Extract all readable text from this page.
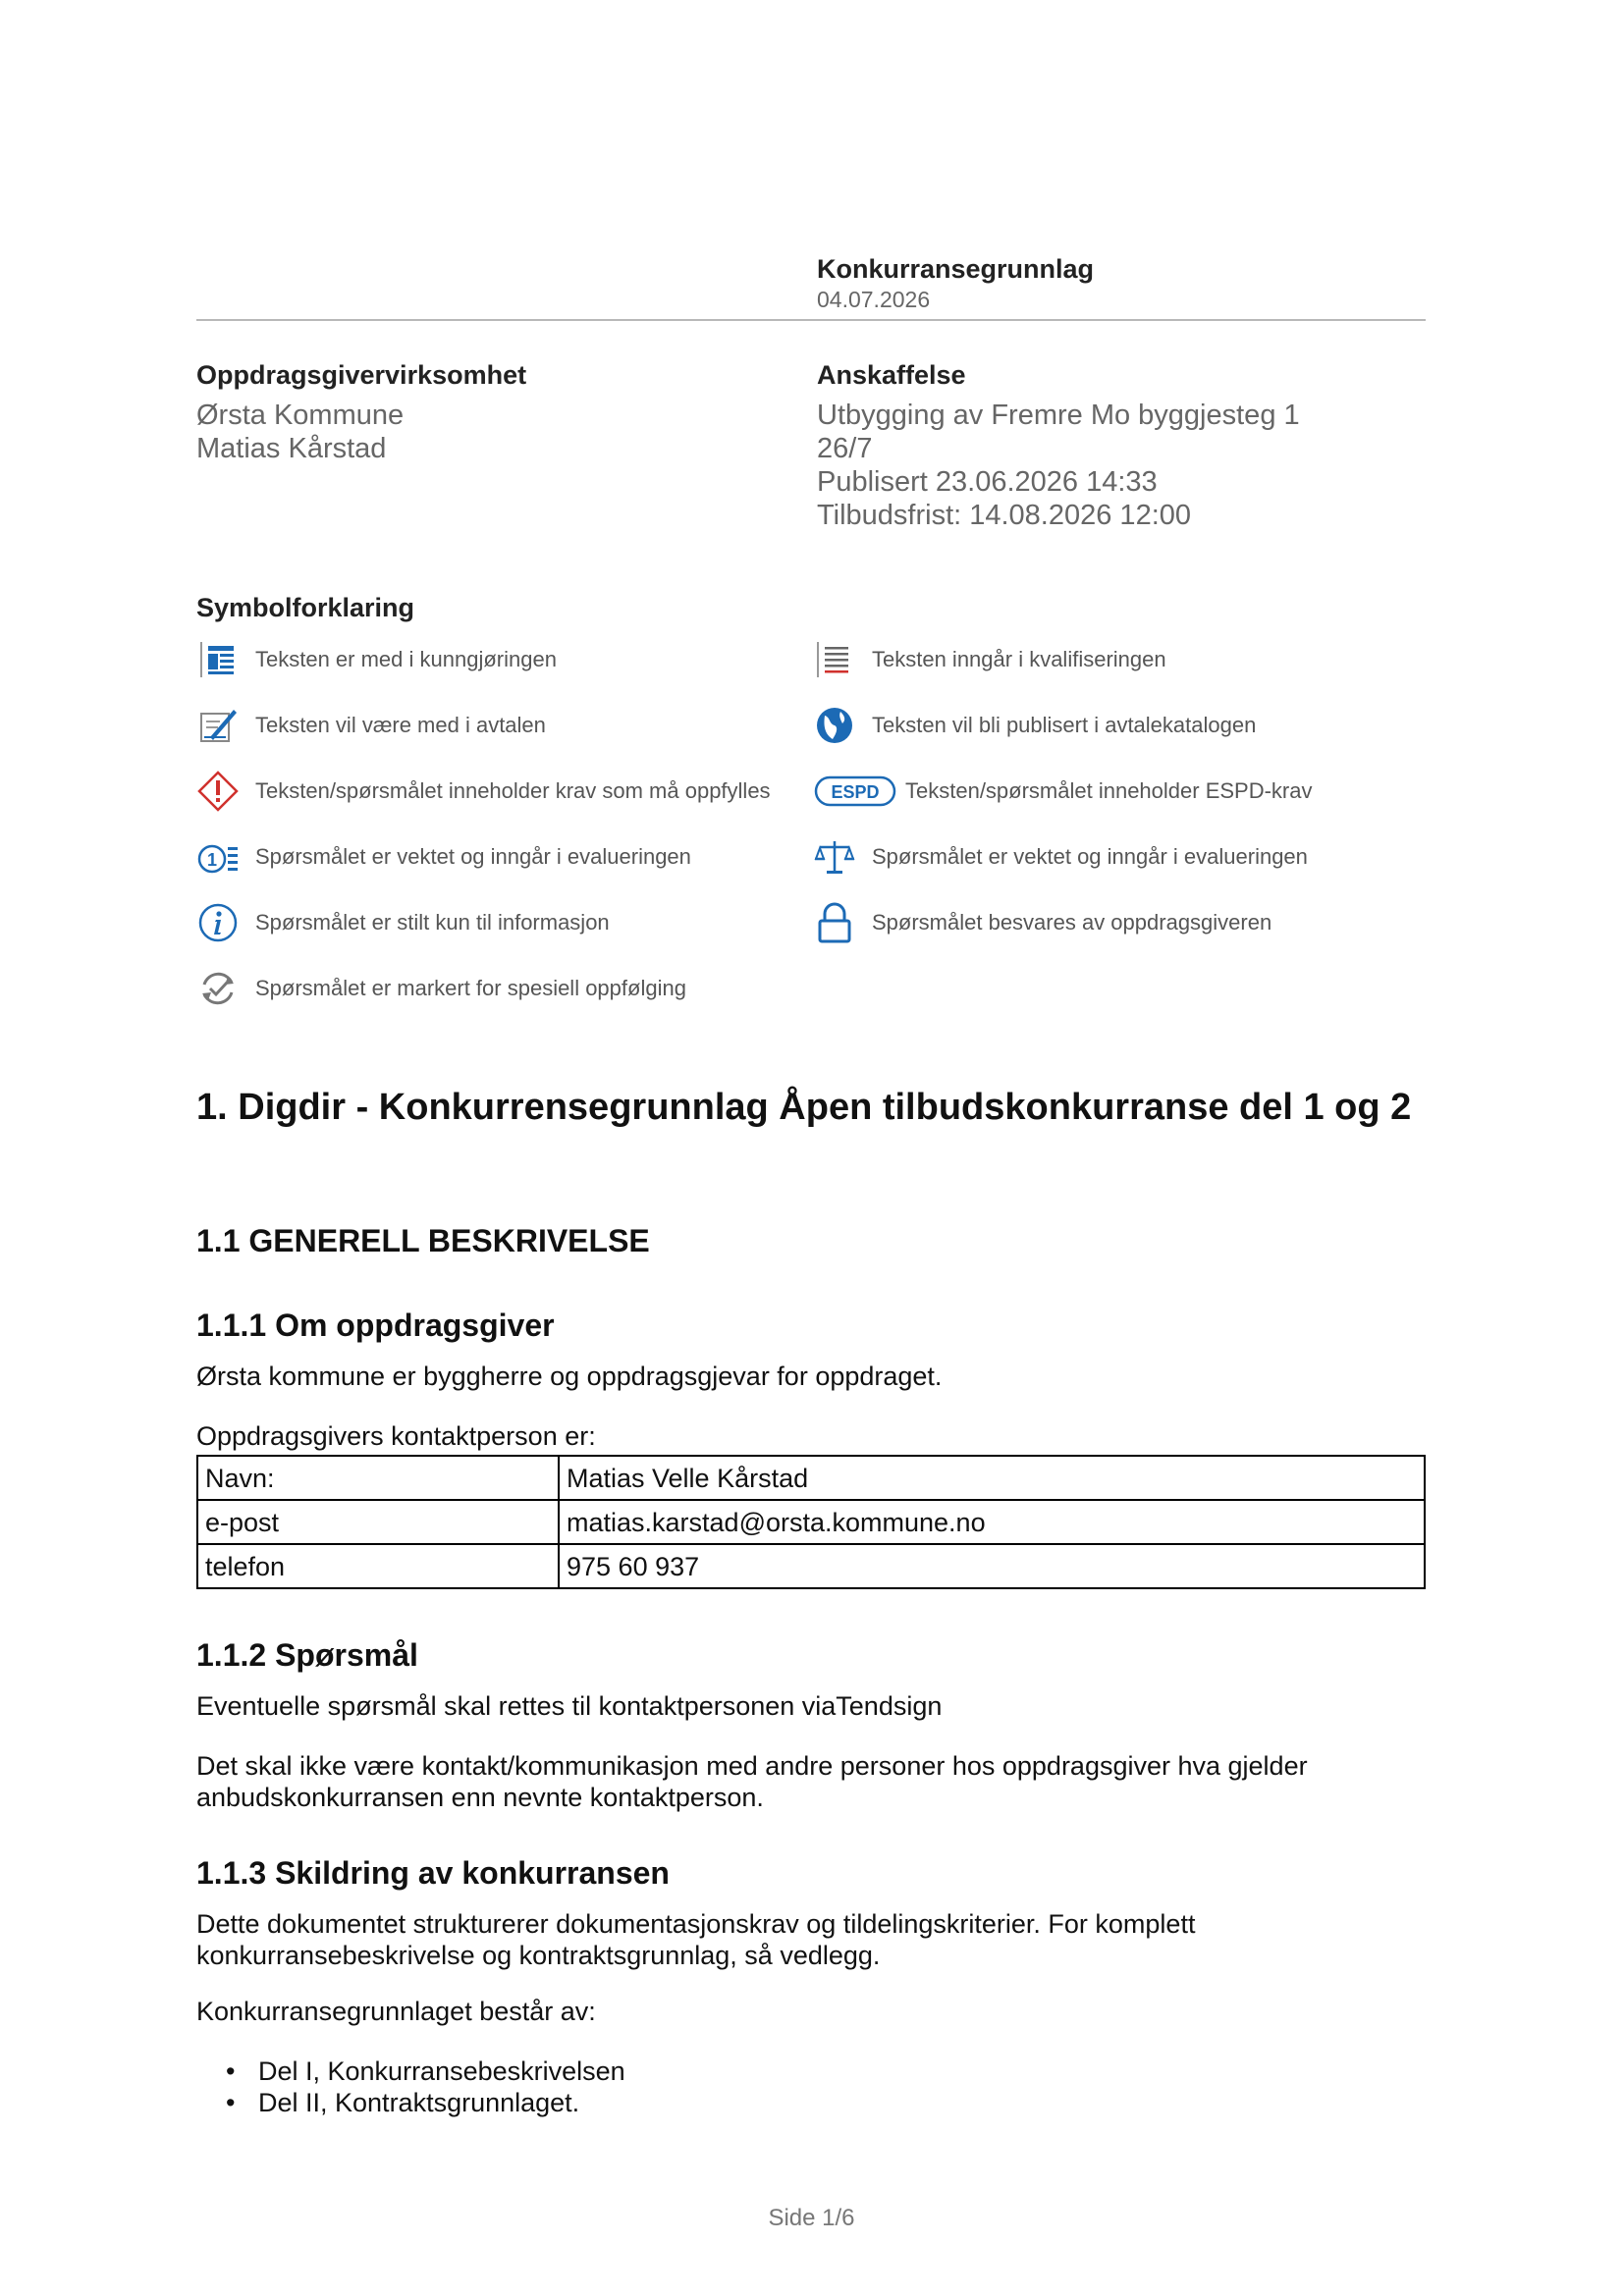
Konkurransegrunnlag
04.07.2026
Oppdragsgivervirksomhet
Ørsta Kommune
Matias Kårstad
Anskaffelse
Utbygging av Fremre Mo byggjesteg 1
26/7
Publisert 23.06.2026 14:33
Tilbudsfrist: 14.08.2026 12:00
Symbolforklaring
Teksten er med i kunngjøringen	Teksten inngår i kvalifiseringen
Teksten vil være med i avtalen	Teksten vil bli publisert i avtalekatalogen
Teksten/spørsmålet inneholder krav som må oppfylles	ESPD Teksten/spørsmålet inneholder ESPD-krav
1 Spørsmålet er vektet og inngår i evalueringen	Spørsmålet er vektet og inngår i evalueringen
Spørsmålet er stilt kun til informasjon	Spørsmålet besvares av oppdragsgiveren
Spørsmålet er markert for spesiell oppfølging
1. Digdir - Konkurrensegrunnlag Åpen tilbudskonkurranse del 1 og 2
1.1 GENERELL BESKRIVELSE
1.1.1 Om oppdragsgiver
Ørsta kommune er byggherre og oppdragsgjevar for oppdraget.
Oppdragsgivers kontaktperson er:
Navn:	Matias Velle Kårstad
e-post	matias.karstad@orsta.kommune.no
telefon	975 60 937
1.1.2 Spørsmål
Eventuelle spørsmål skal rettes til kontaktpersonen viaTendsign
Det skal ikke være kontakt/kommunikasjon med andre personer hos oppdragsgiver hva gjelder anbudskonkurransen enn nevnte kontaktperson.
1.1.3 Skildring av konkurransen
Dette dokumentet strukturerer dokumentasjonskrav og tildelingskriterier. For komplett konkurransebeskrivelse og kontraktsgrunnlag, så vedlegg.
Konkurransegrunnlaget består av:
• Del I, Konkurransebeskrivelsen
• Del II, Kontraktsgrunnlaget.
Side 1/6
